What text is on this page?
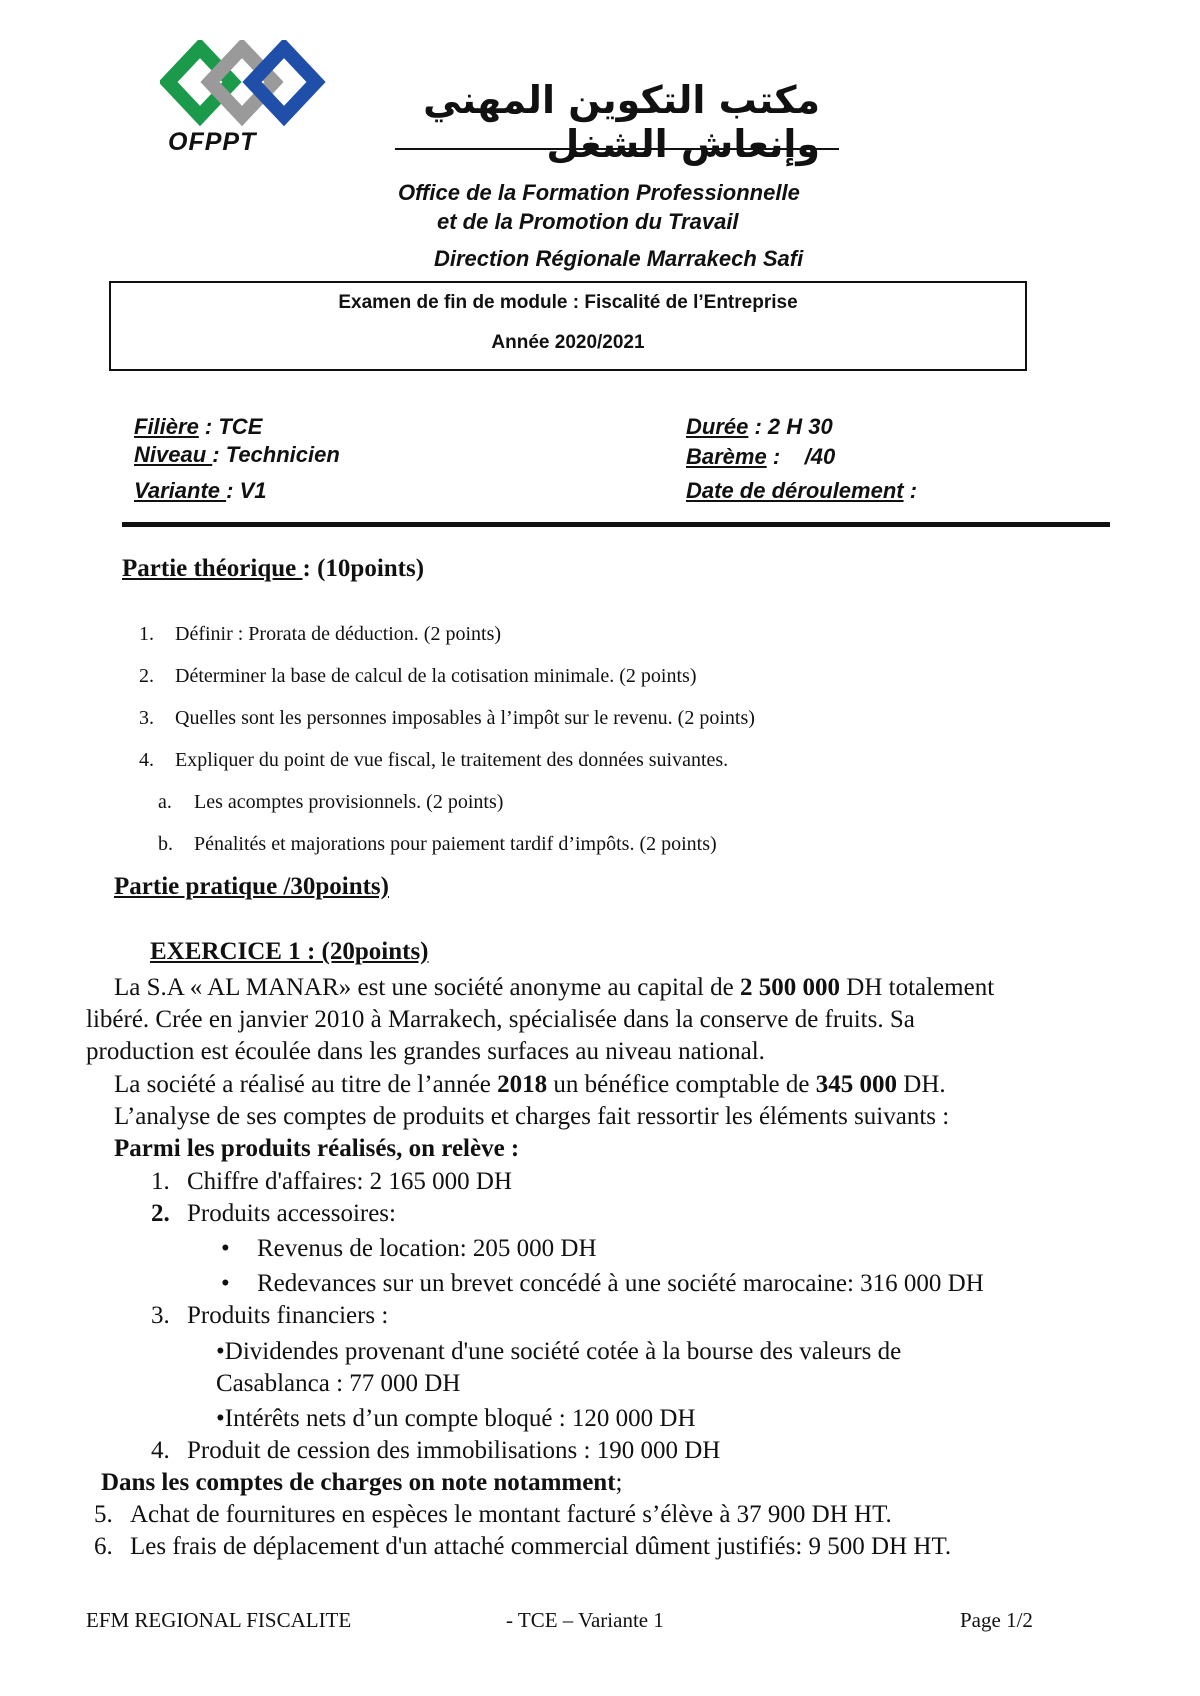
OFPPT
مكتب التكوين المهني وإنعاش الشغل
Office de la Formation Professionnelle
et de la Promotion du Travail
Direction Régionale Marrakech Safi
Examen de fin de module : Fiscalité de l’Entreprise
Année 2020/2021
Filière : TCE
Niveau : Technicien
Variante : V1
Durée : 2 H 30
Barème :    /40
Date de déroulement :
Partie théorique : (10points)
1. Définir : Prorata de déduction. (2 points)
2. Déterminer la base de calcul de la cotisation minimale. (2 points)
3. Quelles sont les personnes imposables à l’impôt sur le revenu. (2 points)
4. Expliquer du point de vue fiscal, le traitement des données suivantes.
a. Les acomptes provisionnels. (2 points)
b. Pénalités et majorations pour paiement tardif d’impôts. (2 points)
Partie pratique /30points)
EXERCICE 1 : (20points)
La S.A « AL MANAR» est une société anonyme au capital de 2 500 000 DH totalement
libéré. Crée en janvier 2010 à Marrakech, spécialisée dans la conserve de fruits. Sa
production est écoulée dans les grandes surfaces au niveau national.
La société a réalisé au titre de l’année 2018 un bénéfice comptable de 345 000 DH.
L’analyse de ses comptes de produits et charges fait ressortir les éléments suivants :
Parmi les produits réalisés, on relève :
1. Chiffre d'affaires: 2 165 000 DH
2. Produits accessoires:
• Revenus de location: 205 000 DH
• Redevances sur un brevet concédé à une société marocaine: 316 000 DH
3. Produits financiers :
•Dividendes provenant d'une société cotée à la bourse des valeurs de
Casablanca : 77 000 DH
•Intérêts nets d’un compte bloqué : 120 000 DH
4. Produit de cession des immobilisations : 190 000 DH
Dans les comptes de charges on note notamment;
5. Achat de fournitures en espèces le montant facturé s’élève à 37 900 DH HT.
6. Les frais de déplacement d'un attaché commercial dûment justifiés: 9 500 DH HT.
EFM REGIONAL FISCALITE	- TCE – Variante 1	Page 1/2
